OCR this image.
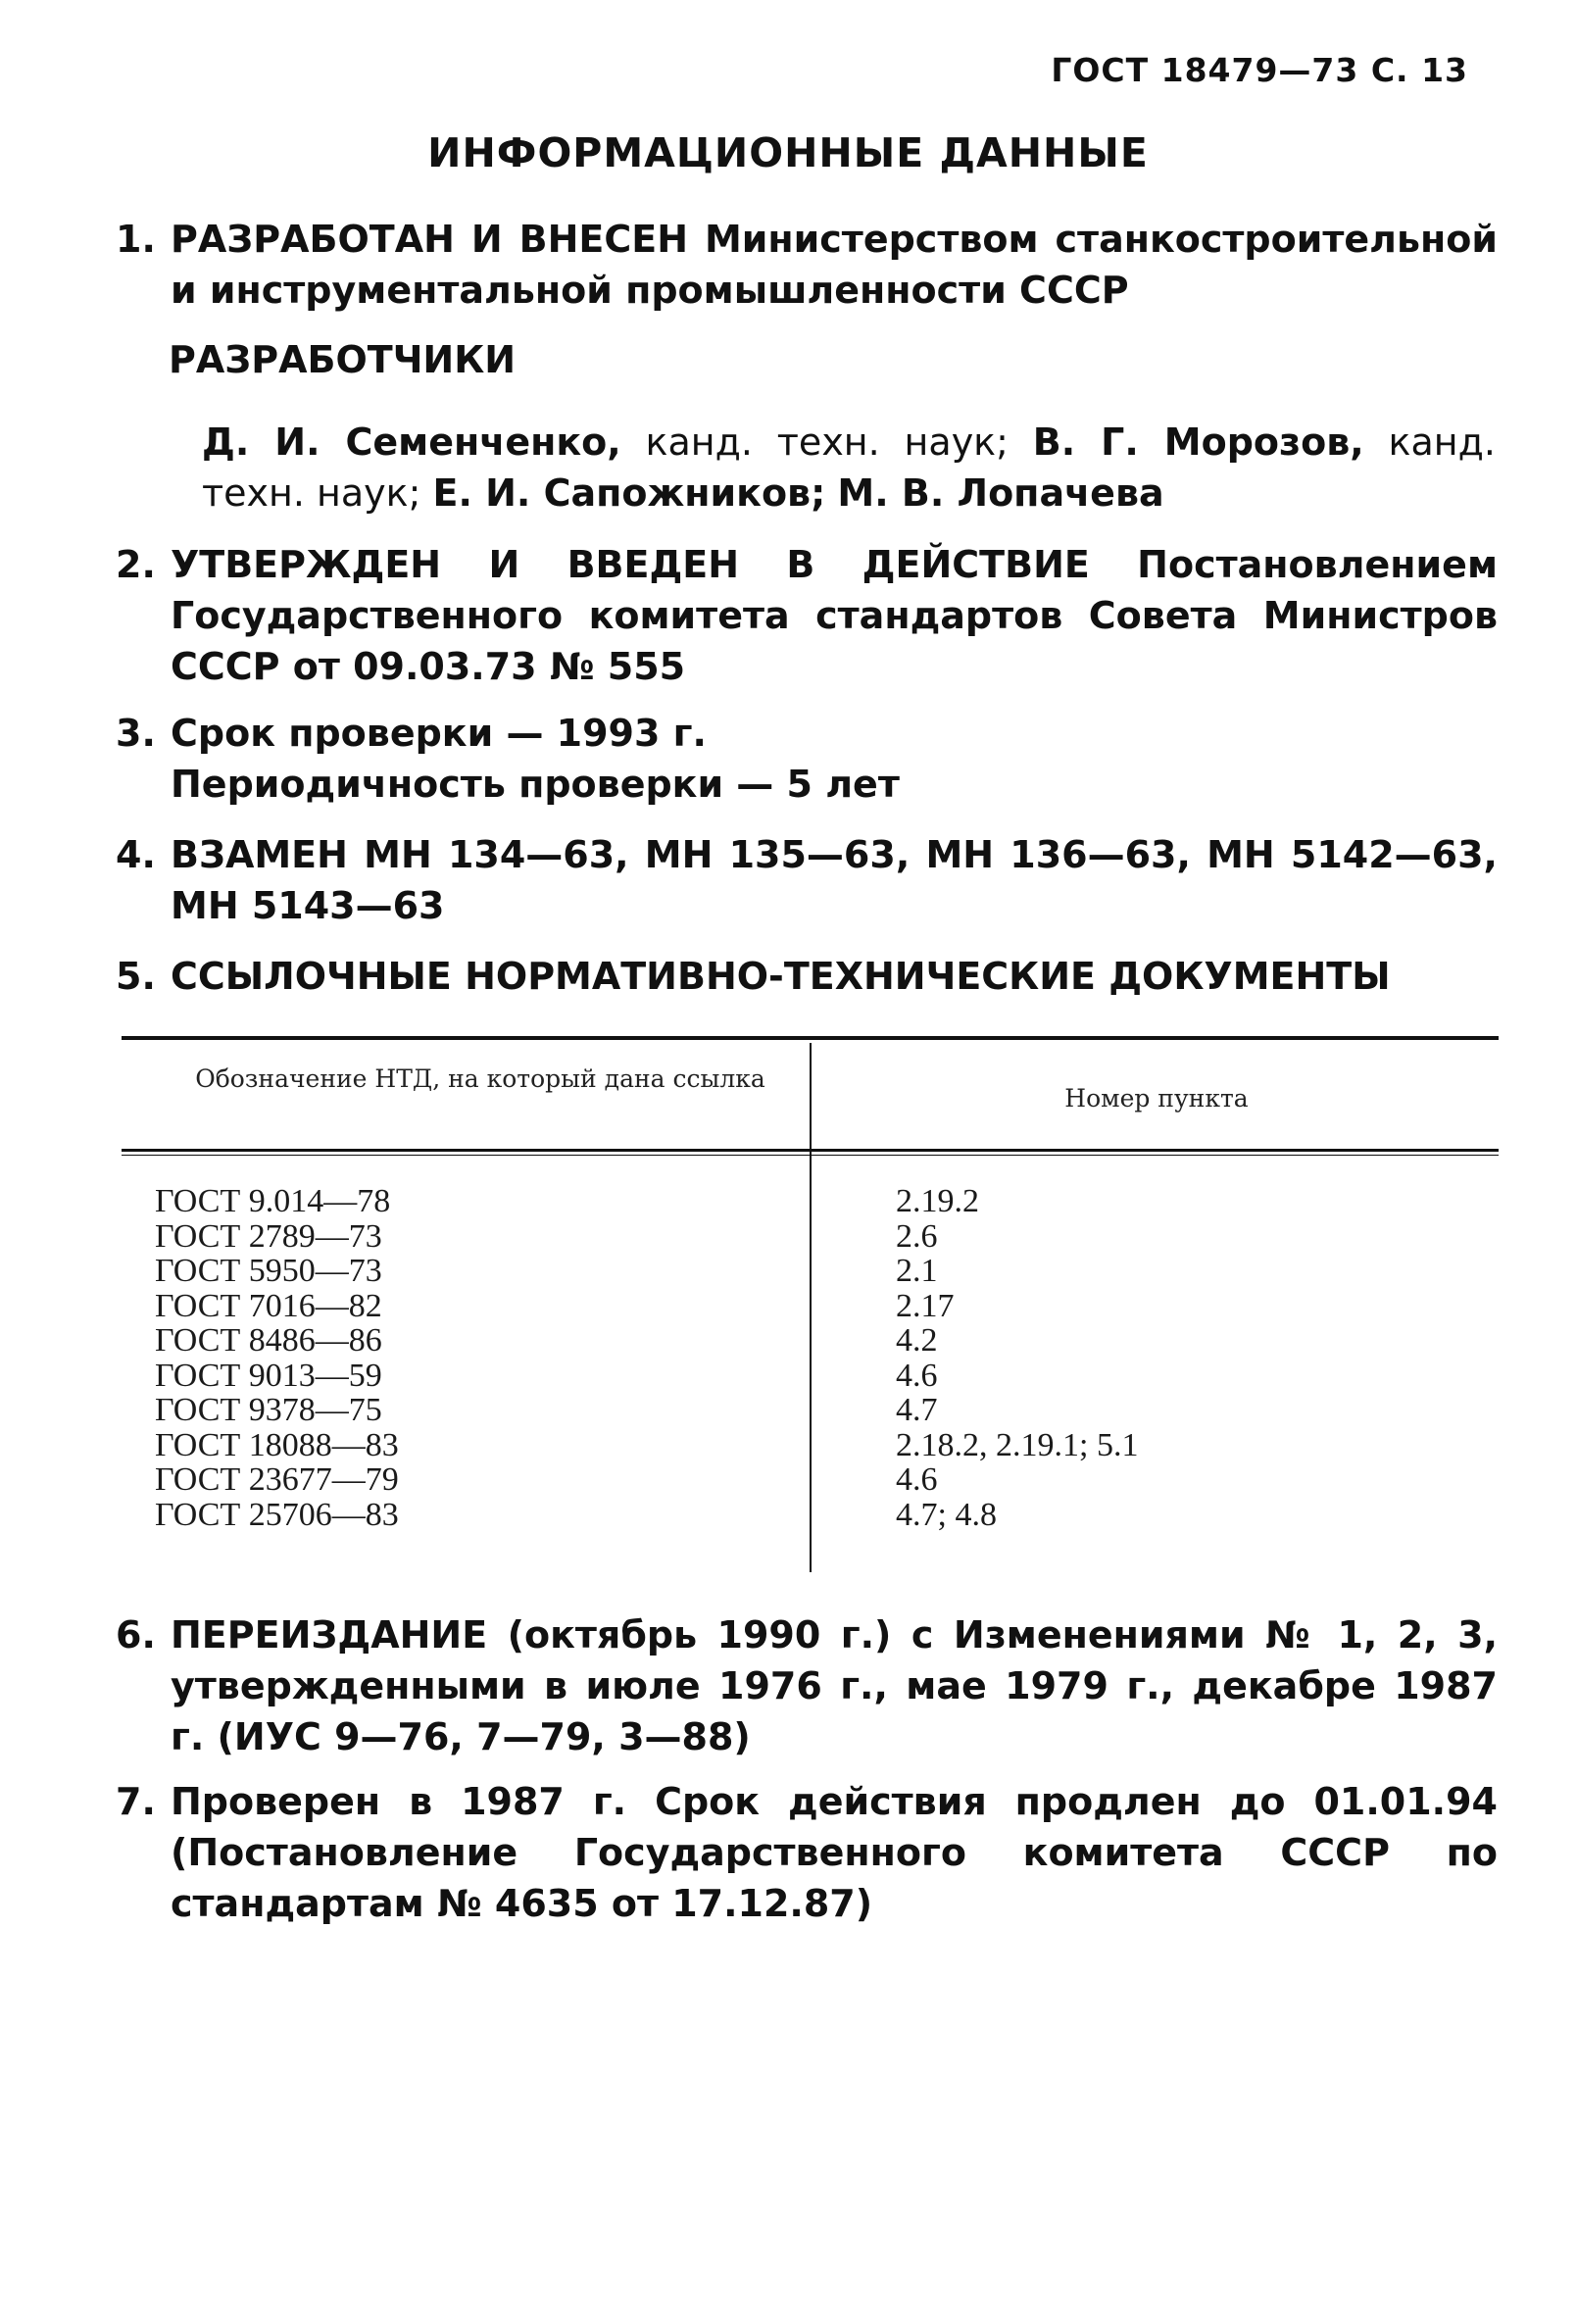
ГОСТ 18479—73 С. 13
ИНФОРМАЦИОННЫЕ ДАННЫЕ
1. РАЗРАБОТАН И ВНЕСЕН Министерством станкостроительной и инструментальной промышленности СССР
РАЗРАБОТЧИКИ
Д. И. Семенченко, канд. техн. наук; В. Г. Морозов, канд. техн. наук; Е. И. Сапожников; М. В. Лопачева
2. УТВЕРЖДЕН И ВВЕДЕН В ДЕЙСТВИЕ Постановлением Государственного комитета стандартов Совета Министров СССР от 09.03.73 № 555
3. Срок проверки — 1993 г.
Периодичность проверки — 5 лет
4. ВЗАМЕН МН 134—63, МН 135—63, МН 136—63, МН 5142—63, МН 5143—63
5. ССЫЛОЧНЫЕ НОРМАТИВНО-ТЕХНИЧЕСКИЕ ДОКУМЕНТЫ
Обозначение НТД, на который дана ссылка
Номер пункта
ГОСТ 9.014—78
ГОСТ 2789—73
ГОСТ 5950—73
ГОСТ 7016—82
ГОСТ 8486—86
ГОСТ 9013—59
ГОСТ 9378—75
ГОСТ 18088—83
ГОСТ 23677—79
ГОСТ 25706—83
2.19.2
2.6
2.1
2.17
4.2
4.6
4.7
2.18.2, 2.19.1; 5.1
4.6
4.7; 4.8
6. ПЕРЕИЗДАНИЕ (октябрь 1990 г.) с Изменениями № 1, 2, 3, утвержденными в июле 1976 г., мае 1979 г., декабре 1987 г. (ИУС 9—76, 7—79, 3—88)
7. Проверен в 1987 г. Срок действия продлен до 01.01.94 (Постановление Государственного комитета СССР по стандартам № 4635 от 17.12.87)
